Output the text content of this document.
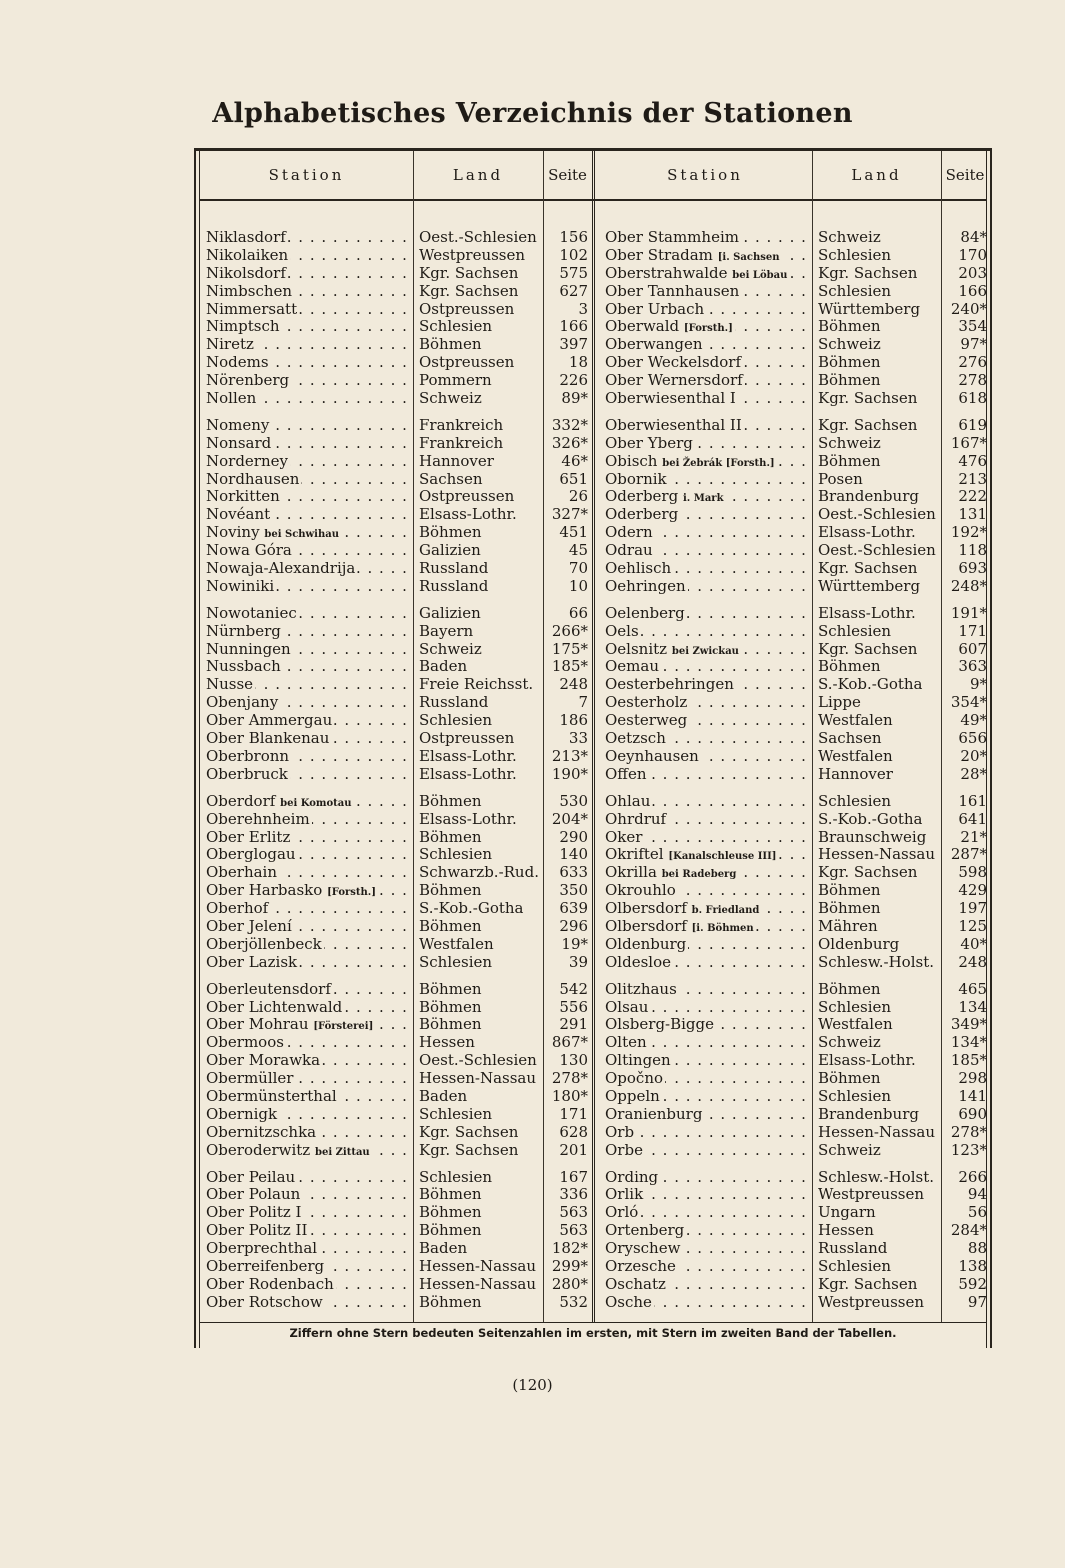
Alphabetisches Verzeichnis der Stationen
Station	Land	Seite	Station	Land	Seite
Niklasdorf . . .	Oest.-Schlesien	156
Nikolaiken . . .	Westpreussen	102
Nikolsdorf . . .	Kgr. Sachsen	575
Nimbschen . . .	Kgr. Sachsen	627
Nimmersatt . . .	Ostpreussen	3
Nimptsch . . .	Schlesien	166
Niretz . . .	Böhmen	397
Nodems . . .	Ostpreussen	18
Nörenberg . . .	Pommern	226
Nollen . . .	Schweiz	89*
Nomeny . . .	Frankreich	332*
Nonsard . . .	Frankreich	326*
Norderney . . .	Hannover	46*
Nordhausen . . .	Sachsen	651
Norkitten . . .	Ostpreussen	26
Novéant . . .	Elsass-Lothr.	327*
Noviny bei Schwihau . . .	Böhmen	451
Nowa Góra . . .	Galizien	45
Nowaja-Alexandrija . . .	Russland	70
Nowiniki . . .	Russland	10
Nowotaniec . . .	Galizien	66
Nürnberg . . .	Bayern	266*
Nunningen . . .	Schweiz	175*
Nussbach . . .	Baden	185*
Nusse . . .	Freie Reichsst.	248
Obenjany . . .	Russland	7
Ober Ammergau . . .	Schlesien	186
Ober Blankenau . . .	Ostpreussen	33
Oberbronn . . .	Elsass-Lothr.	213*
Oberbruck . . .	Elsass-Lothr.	190*
Oberdorf bei Komotau . . .	Böhmen	530
Oberehnheim . . .	Elsass-Lothr.	204*
Ober Erlitz . . .	Böhmen	290
Oberglogau . . .	Schlesien	140
Oberhain . . .	Schwarzb.-Rud.	633
Ober Harbasko [Forsth.] . . .	Böhmen	350
Oberhof . . .	S.-Kob.-Gotha	639
Ober Jelení . . .	Böhmen	296
Oberjöllenbeck . . .	Westfalen	19*
Ober Lazisk . . .	Schlesien	39
Oberleutensdorf . . .	Böhmen	542
Ober Lichtenwald . . .	Böhmen	556
Ober Mohrau [Försterei] . . .	Böhmen	291
Obermoos . . .	Hessen	867*
Ober Morawka . . .	Oest.-Schlesien	130
Obermüller . . .	Hessen-Nassau	278*
Obermünsterthal . . .	Baden	180*
Obernigk . . .	Schlesien	171
Obernitzschka . . .	Kgr. Sachsen	628
Oberoderwitz bei Zittau . . .	Kgr. Sachsen	201
Ober Peilau . . .	Schlesien	167
Ober Polaun . . .	Böhmen	336
Ober Politz I . . .	Böhmen	563
Ober Politz II . . .	Böhmen	563
Oberprechthal . . .	Baden	182*
Oberreifenberg . . .	Hessen-Nassau	299*
Ober Rodenbach . . .	Hessen-Nassau	280*
Ober Rotschow . . .	Böhmen	532
Ober Stammheim . . .	Schweiz	84*
Ober Stradam [i. Sachsen . . .	Schlesien	170
Oberstrahwalde bei Löbau . . .	Kgr. Sachsen	203
Ober Tannhausen . . .	Schlesien	166
Ober Urbach . . .	Württemberg	240*
Oberwald [Forsth.] . . .	Böhmen	354
Oberwangen . . .	Schweiz	97*
Ober Weckelsdorf . . .	Böhmen	276
Ober Wernersdorf . . .	Böhmen	278
Oberwiesenthal I . . .	Kgr. Sachsen	618
Oberwiesenthal II . . .	Kgr. Sachsen	619
Ober Yberg . . .	Schweiz	167*
Obisch bei Žebrák [Forsth.] . . .	Böhmen	476
Obornik . . .	Posen	213
Oderberg i. Mark . . .	Brandenburg	222
Oderberg . . .	Oest.-Schlesien	131
Odern . . .	Elsass-Lothr.	192*
Odrau . . .	Oest.-Schlesien	118
Oehlisch . . .	Kgr. Sachsen	693
Oehringen . . .	Württemberg	248*
Oelenberg . . .	Elsass-Lothr.	191*
Oels . . .	Schlesien	171
Oelsnitz bei Zwickau . . .	Kgr. Sachsen	607
Oemau . . .	Böhmen	363
Oesterbehringen . . .	S.-Kob.-Gotha	9*
Oesterholz . . .	Lippe	354*
Oesterweg . . .	Westfalen	49*
Oetzsch . . .	Sachsen	656
Oeynhausen . . .	Westfalen	20*
Offen . . .	Hannover	28*
Ohlau . . .	Schlesien	161
Ohrdruf . . .	S.-Kob.-Gotha	641
Oker . . .	Braunschweig	21*
Okriftel [Kanalschleuse III] . . .	Hessen-Nassau	287*
Okrilla bei Radeberg . . .	Kgr. Sachsen	598
Okrouhlo . . .	Böhmen	429
Olbersdorf b. Friedland . . .	Böhmen	197
Olbersdorf [i. Böhmen . . .	Mähren	125
Oldenburg . . .	Oldenburg	40*
Oldesloe . . .	Schlesw.-Holst.	248
Olitzhaus . . .	Böhmen	465
Olsau . . .	Schlesien	134
Olsberg-Bigge . . .	Westfalen	349*
Olten . . .	Schweiz	134*
Oltingen . . .	Elsass-Lothr.	185*
Opočno . . .	Böhmen	298
Oppeln . . .	Schlesien	141
Oranienburg . . .	Brandenburg	690
Orb . . .	Hessen-Nassau	278*
Orbe . . .	Schweiz	123*
Ording . . .	Schlesw.-Holst.	266
Orlik . . .	Westpreussen	94
Orló . . .	Ungarn	56
Ortenberg . . .	Hessen	284*
Oryschew . . .	Russland	88
Orzesche . . .	Schlesien	138
Oschatz . . .	Kgr. Sachsen	592
Osche . . .	Westpreussen	97
Ziffern ohne Stern bedeuten Seitenzahlen im ersten, mit Stern im zweiten Band der Tabellen.
(120)
